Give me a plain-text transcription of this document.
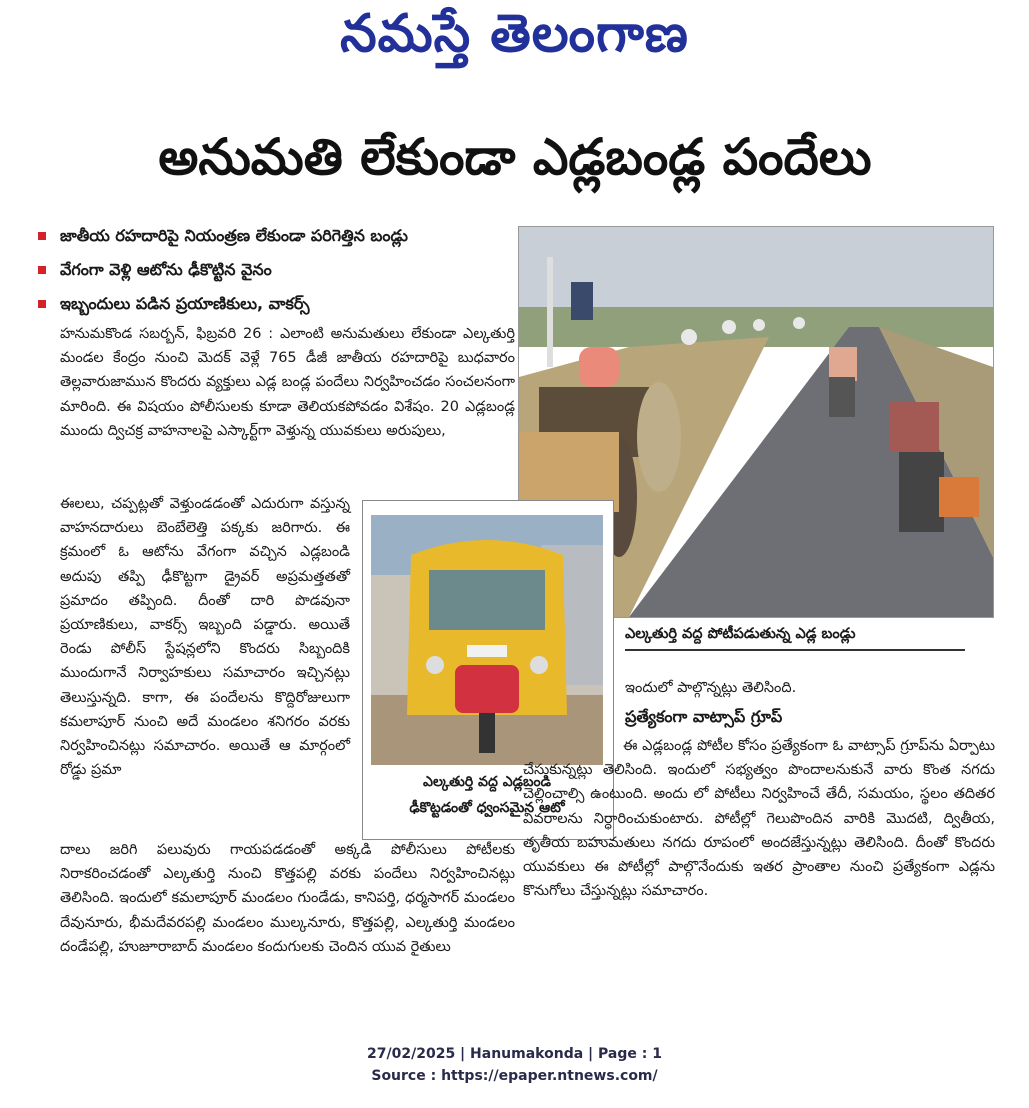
నమస్తే తెలంగాణ
అనుమతి లేకుండా ఎడ్లబండ్ల పందేలు
జాతీయ రహదారిపై నియంత్రణ లేకుండా పరిగెత్తిన బండ్లు
వేగంగా వెళ్లి ఆటోను ఢీకొట్టిన వైనం
ఇబ్బందులు పడిన ప్రయాణికులు, వాకర్స్

హనుమకొండ సబర్బన్, ఫిబ్రవరి 26 : ఎలాంటి అనుమతులు లేకుండా ఎల్కతుర్తి మండల కేంద్రం నుంచి మెదక్ వెళ్లే 765 డీజీ జాతీయ రహదారిపై బుధవారం తెల్లవారుజామున కొందరు వ్యక్తులు ఎడ్ల బండ్ల పందేలు నిర్వహించడం సంచలనంగా మారింది. ఈ విషయం పోలీసులకు కూడా తెలియకపోవడం విశేషం. 20 ఎడ్లబండ్ల ముందు ద్విచక్ర వాహనాలపై ఎస్కార్ట్‌గా వెళ్తున్న యువకులు అరుపులు,

ఈలలు, చప్పట్లతో వెళ్తుండడంతో ఎదురుగా వస్తున్న వాహనదారులు బెంబేలెత్తి పక్కకు జరిగారు. ఈ క్రమంలో ఓ ఆటోను వేగంగా వచ్చిన ఎడ్లబండి అదుపు తప్పి ఢీకొట్టగా డ్రైవర్ అప్రమత్తతతో ప్రమాదం తప్పింది. దీంతో దారి పొడవునా ప్రయాణికులు, వాకర్స్ ఇబ్బంది పడ్డారు. అయితే రెండు పోలీస్ స్టేషన్లలోని కొందరు సిబ్బందికి ముందుగానే నిర్వాహకులు సమాచారం ఇచ్చినట్లు తెలుస్తున్నది. కాగా, ఈ పందేలను కొద్దిరోజులుగా కమలాపూర్ నుంచి అదే మండలం శనిగరం వరకు నిర్వహించినట్లు సమాచారం. అయితే ఆ మార్గంలో రోడ్డు ప్రమా

దాలు జరిగి పలువురు గాయపడడంతో అక్కడి పోలీసులు పోటీలకు నిరాకరించడంతో ఎల్కతుర్తి నుంచి కొత్తపల్లి వరకు పందేలు నిర్వహించినట్లు తెలిసింది. ఇందులో కమలాపూర్ మండలం గుండేడు, కానిపర్తి, ధర్మసాగర్ మండలం దేవునూరు, భీమదేవరపల్లి మండలం ముల్కనూరు, కొత్తపల్లి, ఎల్కతుర్తి మండలం దండేపల్లి, హుజూరాబాద్ మండలం కందుగులకు చెందిన యువ రైతులు

ఎల్కతుర్తి వద్ద పోటీపడుతున్న ఎడ్ల బండ్లు
ఎల్కతుర్తి వద్ద ఎడ్లబండి
ఢీకొట్టడంతో ధ్వంసమైన ఆటో

ఇందులో పాల్గొన్నట్లు తెలిసింది.

ప్రత్యేకంగా వాట్సాప్ గ్రూప్

ఈ ఎడ్లబండ్ల పోటీల కోసం ప్రత్యేకంగా ఓ వాట్సాప్ గ్రూప్‌ను ఏర్పాటు చేసుకున్నట్లు తెలిసింది. ఇందులో సభ్యత్వం పొందాలనుకునే వారు కొంత నగదు చెల్లించాల్సి ఉంటుంది. అందు లో పోటీలు నిర్వహించే తేదీ, సమయం, స్థలం తదితర వివరాలను నిర్ధారించుకుంటారు. పోటీల్లో గెలుపొందిన వారికి మొదటి, ద్వితీయ, తృతీయ బహుమతులు నగదు రూపంలో అందజేస్తున్నట్లు తెలిసింది. దీంతో కొందరు యువకులు ఈ పోటీల్లో పాల్గొనేందుకు ఇతర ప్రాంతాల నుంచి ప్రత్యేకంగా ఎడ్లను కొనుగోలు చేస్తున్నట్లు సమాచారం.

27/02/2025 | Hanumakonda | Page : 1
Source : https://epaper.ntnews.com/
